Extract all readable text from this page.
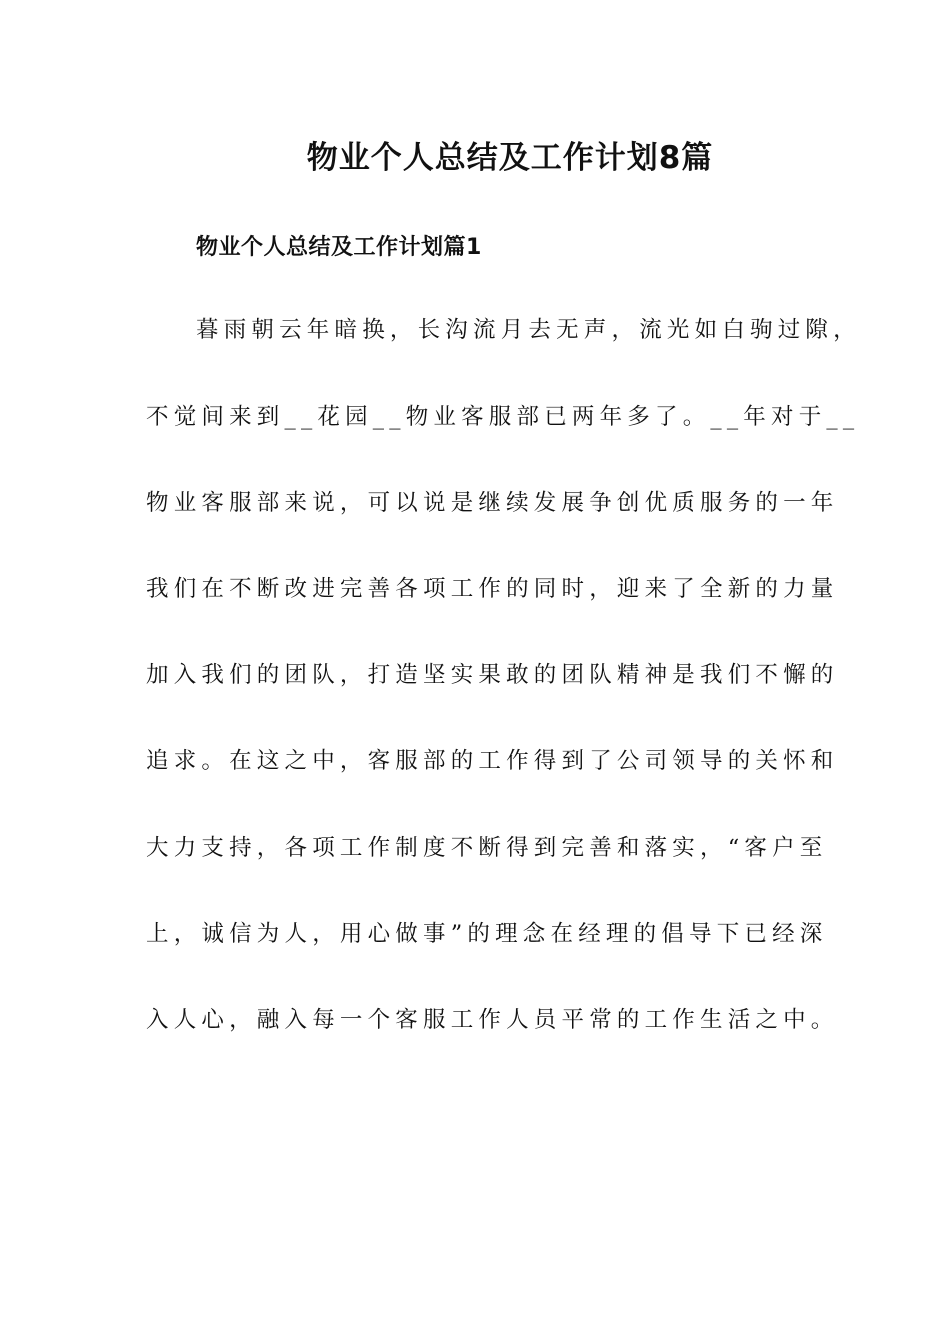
物业个人总结及工作计划8篇
物业个人总结及工作计划篇1

暮雨朝云年暗换，长沟流月去无声，流光如白驹过隙，

不觉间来到__花园__物业客服部已两年多了。__年对于__

物业客服部来说，可以说是继续发展争创优质服务的一年

我们在不断改进完善各项工作的同时，迎来了全新的力量

加入我们的团队，打造坚实果敢的团队精神是我们不懈的

追求。在这之中，客服部的工作得到了公司领导的关怀和

大力支持，各项工作制度不断得到完善和落实，“客户至

上，诚信为人，用心做事”的理念在经理的倡导下已经深

入人心，融入每一个客服工作人员平常的工作生活之中。
